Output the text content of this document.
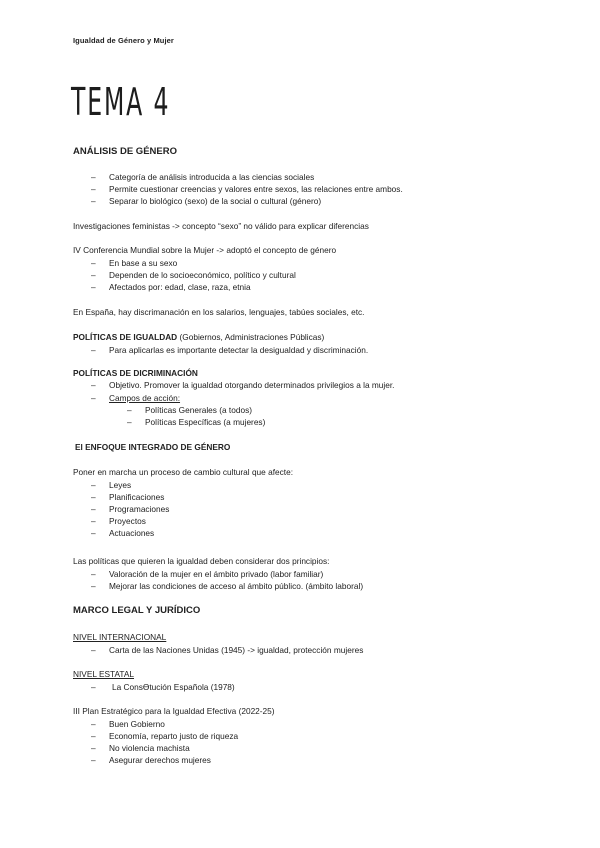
Igualdad de Género y Mujer
TEMA 4
ANÁLISIS DE GÉNERO
– Categoría de análisis introducida a las ciencias sociales
– Permite cuestionar creencias y valores entre sexos, las relaciones entre ambos.
– Separar lo biológico (sexo) de la social o cultural (género)
Investigaciones feministas -> concepto “sexo” no válido para explicar diferencias
IV Conferencia Mundial sobre la Mujer -> adoptó el concepto de género
– En base a su sexo
– Dependen de lo socioeconómico, político y cultural
– Afectados por: edad, clase, raza, etnia
En España, hay discrimanación en los salarios, lenguajes, tabúes sociales, etc.
POLÍTICAS DE IGUALDAD (Gobiernos, Administraciones Públicas)
– Para aplicarlas es importante detectar la desigualdad y discriminación.
POLÍTICAS DE DICRIMINACIÓN
– Objetivo. Promover la igualdad otorgando determinados privilegios a la mujer.
– Campos de acción:
– Políticas Generales (a todos)
– Políticas Específicas (a mujeres)
El ENFOQUE INTEGRADO DE GÉNERO
Poner en marcha un proceso de cambio cultural que afecte:
– Leyes
– Planificaciones
– Programaciones
– Proyectos
– Actuaciones
Las políticas que quieren la igualdad deben considerar dos principios:
– Valoración de la mujer en el ámbito privado (labor familiar)
– Mejorar las condiciones de acceso al ámbito público. (ámbito laboral)
MARCO LEGAL Y JURÍDICO
NIVEL INTERNACIONAL
– Carta de las Naciones Unidas (1945) -> igualdad, protección mujeres
NIVEL ESTATAL
– La ConsƟtución Española (1978)
III Plan Estratégico para la Igualdad Efectiva (2022-25)
– Buen Gobierno
– Economía, reparto justo de riqueza
– No violencia machista
– Asegurar derechos mujeres
